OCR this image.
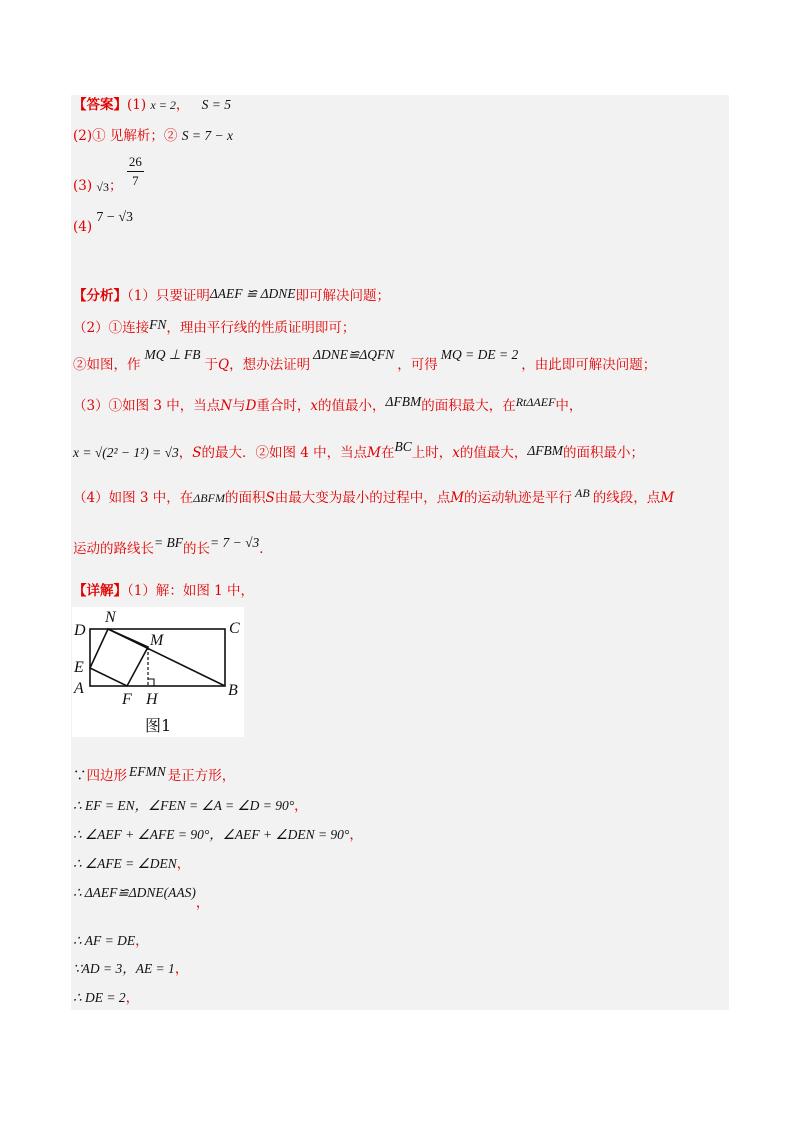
【答案】(1) x = 2， S = 5
(2)① 见解析；② S = 7 − x
(3) √3； $\frac{26}{7}$
(4) 7 − √3
【分析】（1）只要证明ΔAEF ≌ ΔDNE即可解决问题；
（2）①连接FN，理由平行线的性质证明即可；
②如图，作MQ ⊥ FB于Q，想办法证明ΔDNE≌ΔQFN，可得MQ = DE = 2，由此即可解决问题；
（3）①如图 3 中，当点N与D重合时，x的值最小，ΔFBM的面积最大，在RtΔAEF中，
x = √(2² − 1²) = √3，S的最大．②如图 4 中，当点M在BC上时，x的值最大，ΔFBM的面积最小；
（4）如图 3 中，在ΔBFM的面积S由最大变为最小的过程中，点M的运动轨迹是平行 AB 的线段，点M
运动的路线长= BF的长= 7 − √3．
【详解】（1）解：如图 1 中，
D
N
M
C
E
A
F H
B
图1
∵四边形 EFMN 是正方形，
∴ EF = EN，∠FEN = ∠A = ∠D = 90°，
∴ ∠AEF + ∠AFE = 90°，∠AEF + ∠DEN = 90°，
∴ ∠AFE = ∠DEN，
∴ ΔAEF≌ΔDNE(AAS)，
∴ AF = DE，
∵AD = 3，AE = 1，
∴ DE = 2，
